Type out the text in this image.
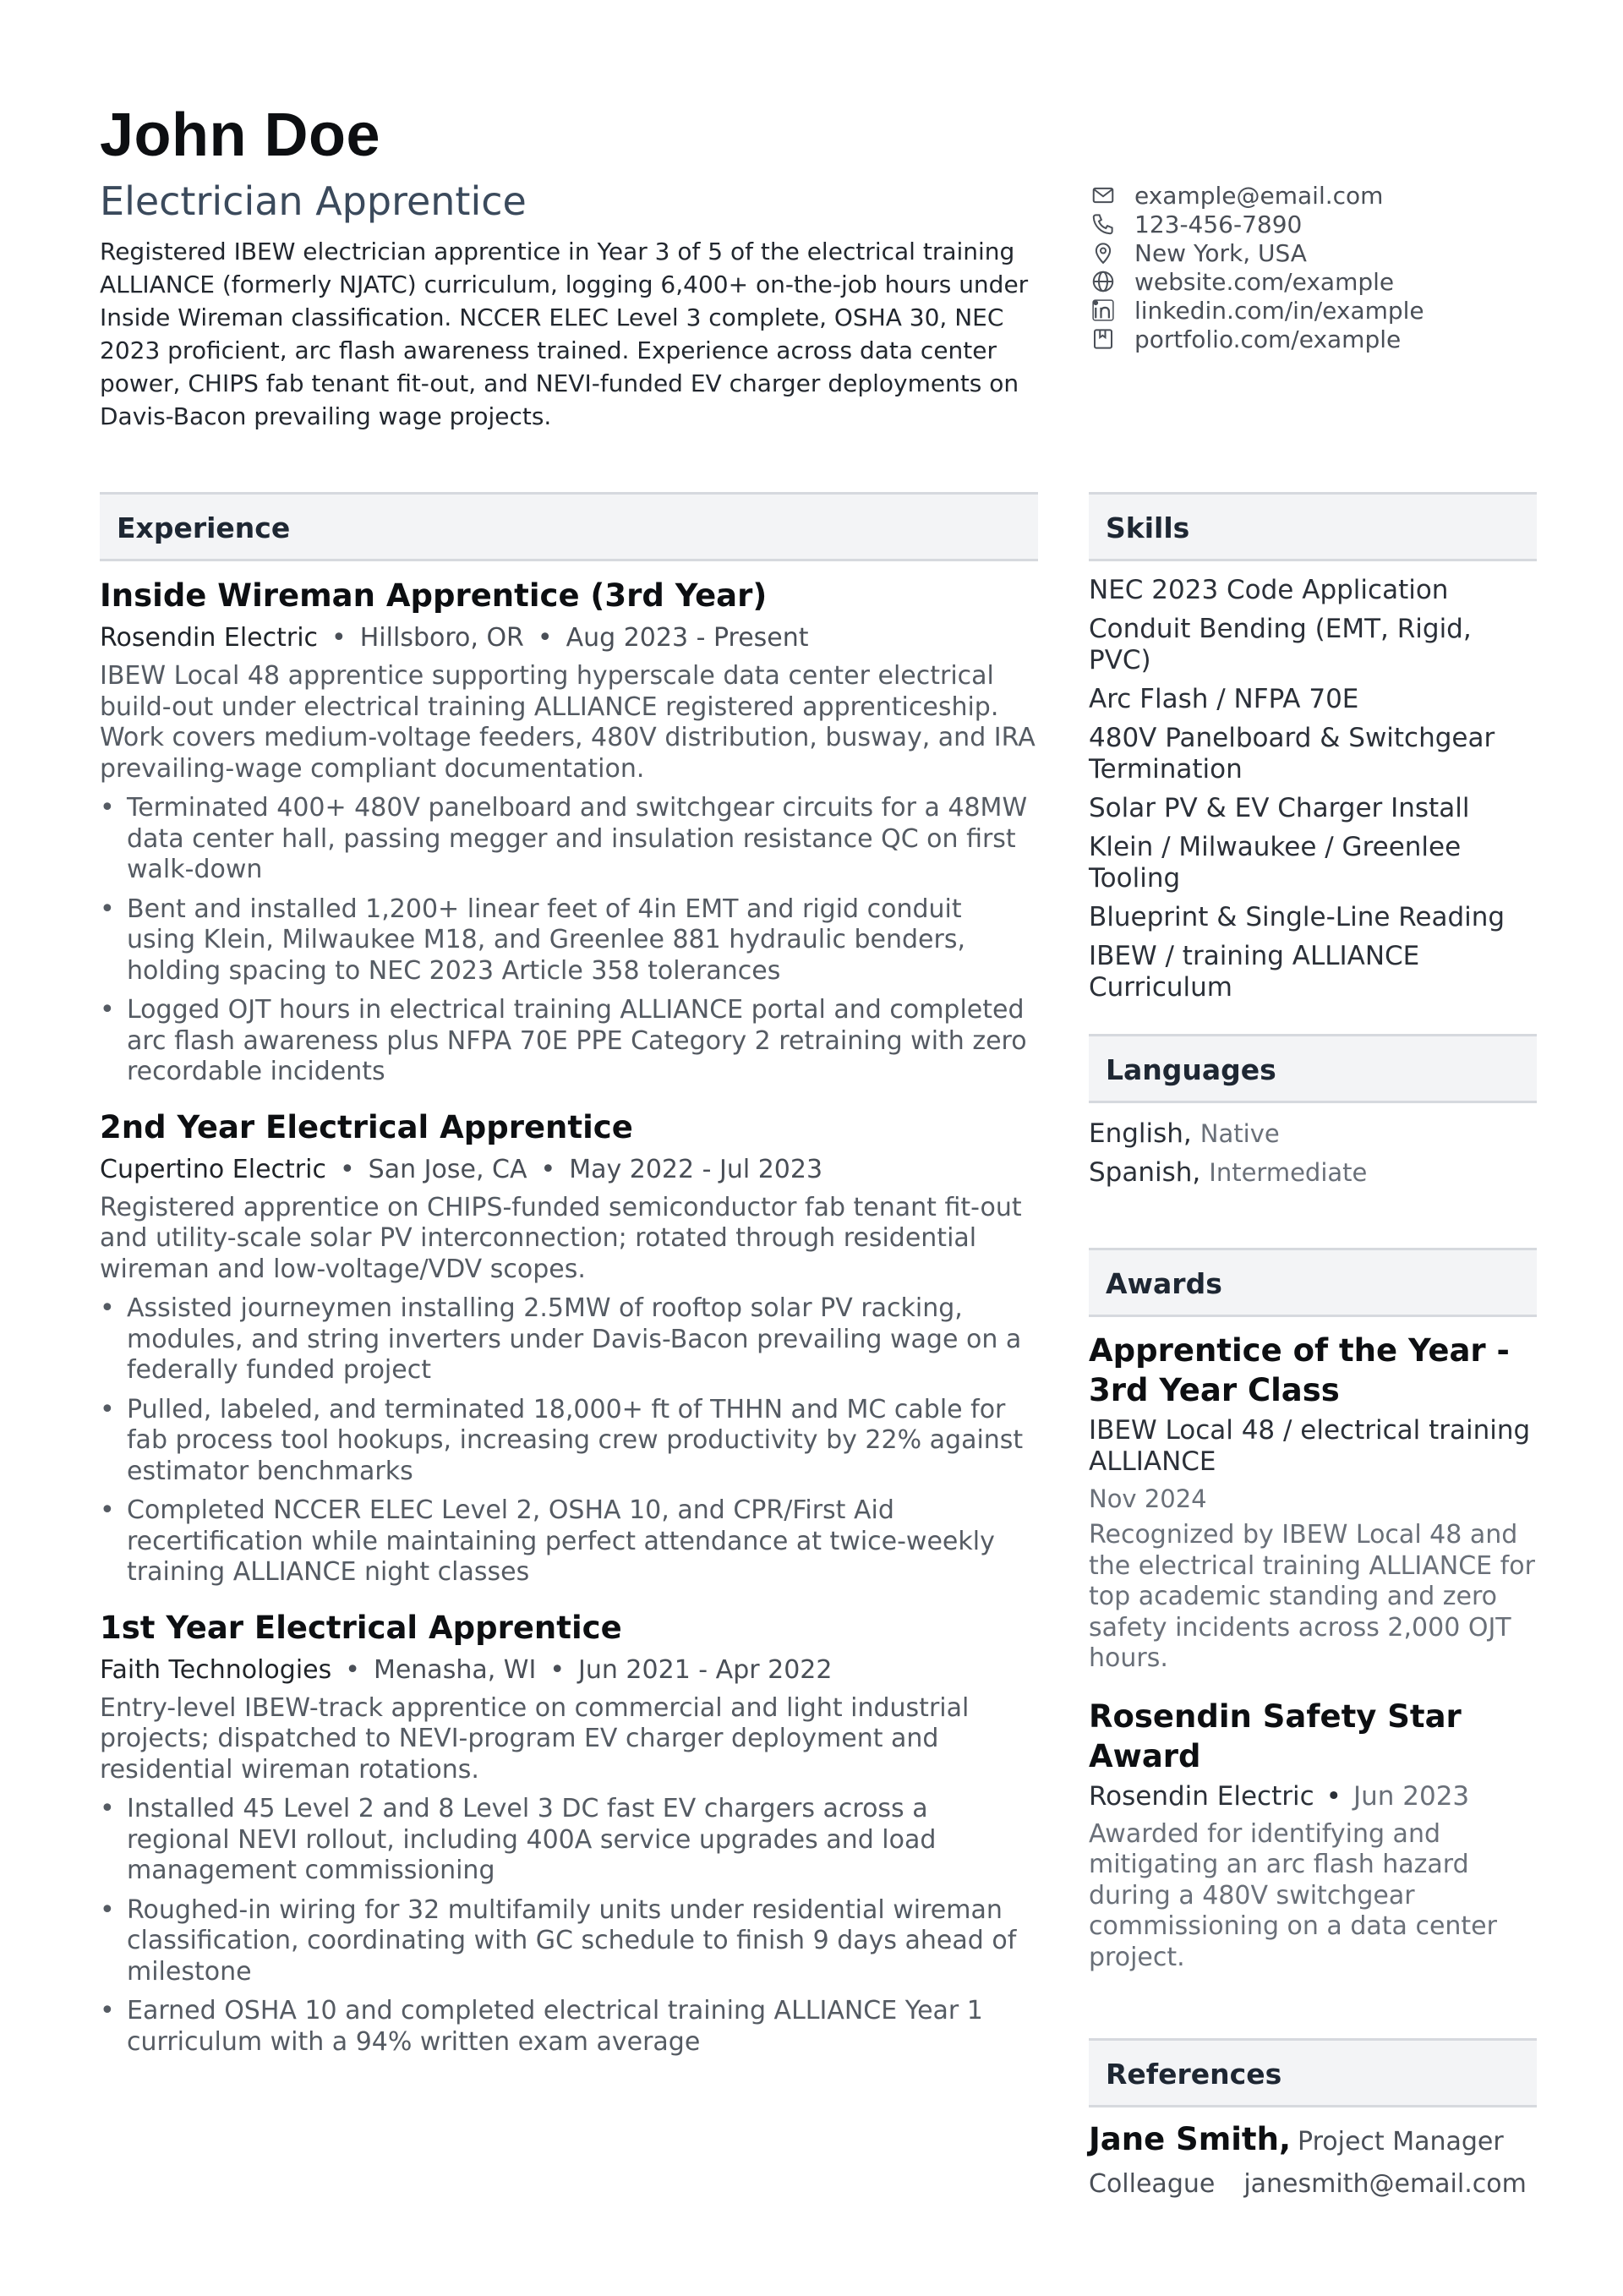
John Doe
Electrician Apprentice
Registered IBEW electrician apprentice in Year 3 of 5 of the electrical training ALLIANCE (formerly NJATC) curriculum, logging 6,400+ on-the-job hours under Inside Wireman classification. NCCER ELEC Level 3 complete, OSHA 30, NEC 2023 proficient, arc flash awareness trained. Experience across data center power, CHIPS fab tenant fit-out, and NEVI-funded EV charger deployments on Davis-Bacon prevailing wage projects.
example@email.com
123-456-7890
New York, USA
website.com/example
linkedin.com/in/example
portfolio.com/example
Experience	Skills
Languages
Awards
References
Inside Wireman Apprentice (3rd Year)
Rosendin Electric • Hillsboro, OR • Aug 2023 - Present
IBEW Local 48 apprentice supporting hyperscale data center electrical build-out under electrical training ALLIANCE registered apprenticeship. Work covers medium-voltage feeders, 480V distribution, busway, and IRA prevailing-wage compliant documentation.
• Terminated 400+ 480V panelboard and switchgear circuits for a 48MW data center hall, passing megger and insulation resistance QC on first walk-down
• Bent and installed 1,200+ linear feet of 4in EMT and rigid conduit using Klein, Milwaukee M18, and Greenlee 881 hydraulic benders, holding spacing to NEC 2023 Article 358 tolerances
• Logged OJT hours in electrical training ALLIANCE portal and completed arc flash awareness plus NFPA 70E PPE Category 2 retraining with zero recordable incidents
2nd Year Electrical Apprentice
Cupertino Electric • San Jose, CA • May 2022 - Jul 2023
Registered apprentice on CHIPS-funded semiconductor fab tenant fit-out and utility-scale solar PV interconnection; rotated through residential wireman and low-voltage/VDV scopes.
• Assisted journeymen installing 2.5MW of rooftop solar PV racking, modules, and string inverters under Davis-Bacon prevailing wage on a federally funded project
• Pulled, labeled, and terminated 18,000+ ft of THHN and MC cable for fab process tool hookups, increasing crew productivity by 22% against estimator benchmarks
• Completed NCCER ELEC Level 2, OSHA 10, and CPR/First Aid recertification while maintaining perfect attendance at twice-weekly training ALLIANCE night classes
1st Year Electrical Apprentice
Faith Technologies • Menasha, WI • Jun 2021 - Apr 2022
Entry-level IBEW-track apprentice on commercial and light industrial projects; dispatched to NEVI-program EV charger deployment and residential wireman rotations.
• Installed 45 Level 2 and 8 Level 3 DC fast EV chargers across a regional NEVI rollout, including 400A service upgrades and load management commissioning
• Roughed-in wiring for 32 multifamily units under residential wireman classification, coordinating with GC schedule to finish 9 days ahead of milestone
• Earned OSHA 10 and completed electrical training ALLIANCE Year 1 curriculum with a 94% written exam average
NEC 2023 Code Application
Conduit Bending (EMT, Rigid, PVC)
Arc Flash / NFPA 70E
480V Panelboard & Switchgear Termination
Solar PV & EV Charger Install
Klein / Milwaukee / Greenlee Tooling
Blueprint & Single-Line Reading
IBEW / training ALLIANCE Curriculum
English, Native
Spanish, Intermediate
Apprentice of the Year - 3rd Year Class
IBEW Local 48 / electrical training ALLIANCE
Nov 2024
Recognized by IBEW Local 48 and the electrical training ALLIANCE for top academic standing and zero safety incidents across 2,000 OJT hours.
Rosendin Safety Star Award
Rosendin Electric • Jun 2023
Awarded for identifying and mitigating an arc flash hazard during a 480V switchgear commissioning on a data center project.
Jane Smith, Project Manager
Colleague janesmith@email.com
